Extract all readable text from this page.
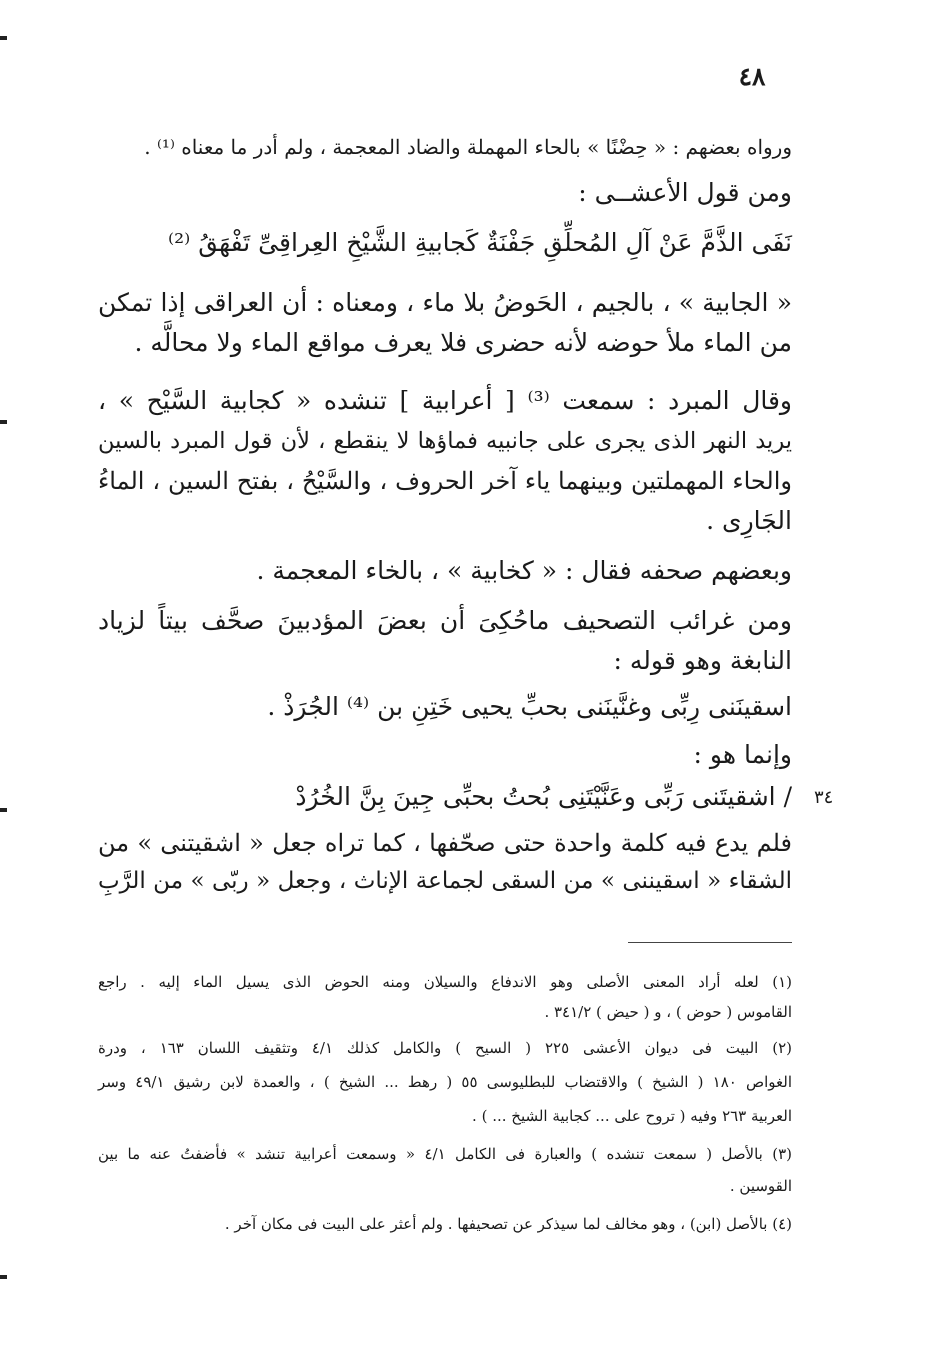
٤٨
٣٤
ورواه بعضهم : « حِضْنًا » بالحاء المهملة والضاد المعجمة ، ولم أدر ما معناه ⁽¹⁾ .
ومن قول الأعشــى :
نَفَى الذَّمَّ عَنْ آلِ المُحلِّقِ جَفْنَةٌ كَجابيةِ الشَّيْخِ العِراقِىِّ تَفْهَقُ ⁽²⁾
« الجابية » ، بالجيم ، الحَوضُ بلا ماء ، ومعناه : أن العراقى إذا تمكن
من الماء ملأ حوضه لأنه حضرى فلا يعرف مواقع الماء ولا محالَّه .
وقال المبرد : سمعت ⁽³⁾ [ أعرابية ] تنشده « كجابية السَّيْح » ،
يريد النهر الذى يجرى على جانبيه فماؤها لا ينقطع ، لأن قول المبرد بالسين
والحاء المهملتين وبينهما ياء آخر الحروف ، والسَّيْحُ ، بفتح السين ، الماءُ
الجَارِى .
وبعضهم صحفه فقال : « كخابية » ، بالخاء المعجمة .
ومن غرائب التصحيف ماحُكِىَ أن بعضَ المؤدبينَ صحَّف بيتاً لزياد
النابغة وهو قوله :
اسقينَنى رِبِّى وغنَّينَنى بحبِّ يحيى خَتِنِ بن ⁽⁴⁾ الجُرَذْ .
وإنما هو :
/ اشقيتَنى رَبِّى وعَنَّيْتَنِى بُحتُ بحبِّى جِينَ بِنَّ الخُرُدْ
فلم يدع فيه كلمة واحدة حتى صحّفها ، كما تراه جعل « اشقيتنى » من
الشقاء « اسقيننى » من السقى لجماعة الإناث ، وجعل « ربّى » من الرَّبِ
(١) لعله أراد المعنى الأصلى وهو الاندفاع والسيلان ومنه الحوض الذى يسيل الماء إليه . راجع
القاموس ( حوض ) ، و ( حيض ) ٣٤١/٢ .
(٢) البيت فى ديوان الأعشى ٢٢٥ ( السيح ) والكامل كذلك ٤/١ وتثقيف اللسان ١٦٣ ، ودرة
الغواص ١٨٠ ( الشيخ ) والاقتضاب للبطليوسى ٥٥ ( رهط ... الشيخ ) ، والعمدة لابن رشيق ٤٩/١ وسر
العربية ٢٦٣ وفيه ( تروح على ... كجابية الشيخ ... ) .
(٣) بالأصل ( سمعت تنشده ) والعبارة فى الكامل ٤/١ « وسمعت أعرابية تنشد » فأضفتُ عنه ما بين
القوسين .
(٤) بالأصل (ابن) ، وهو مخالف لما سيذكر عن تصحيفها . ولم أعثر على البيت فى مكان آخر .
